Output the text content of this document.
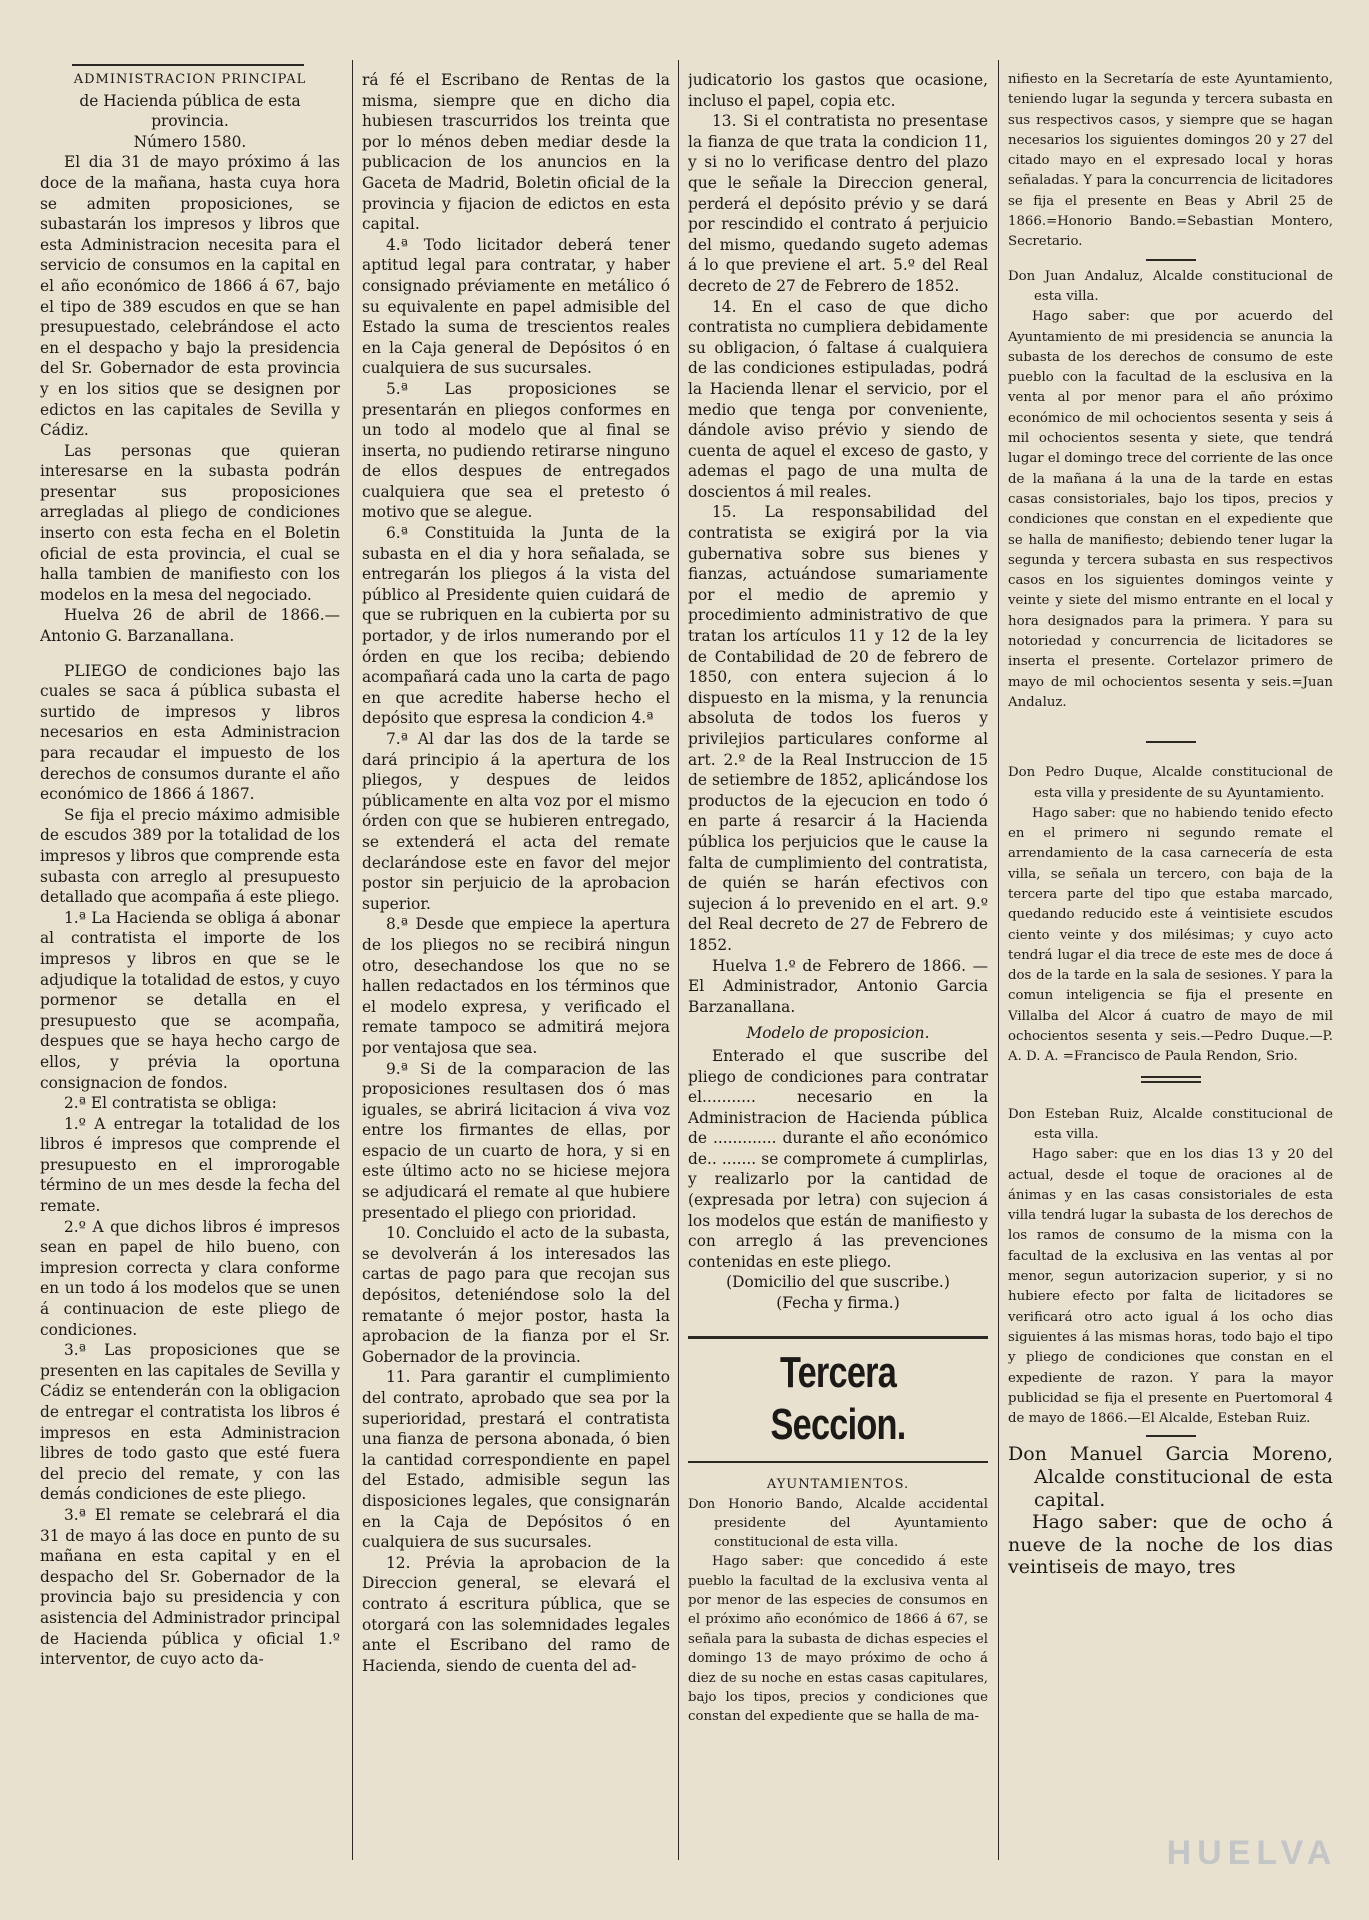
ADMINISTRACION PRINCIPAL

de Hacienda pública de esta provincia.

Número 1580.

El dia 31 de mayo próximo á las doce de la mañana, hasta cuya hora se admiten proposiciones, se subastarán los impresos y libros que esta Administracion necesita para el servicio de consumos en la capital en el año económico de 1866 á 67, bajo el tipo de 389 escudos en que se han presupuestado, celebrándose el acto en el despacho y bajo la presidencia del Sr. Gobernador de esta provincia y en los sitios que se designen por edictos en las capitales de Sevilla y Cádiz.

Las personas que quieran interesarse en la subasta podrán presentar sus proposiciones arregladas al pliego de condiciones inserto con esta fecha en el Boletin oficial de esta provincia, el cual se halla tambien de manifiesto con los modelos en la mesa del negociado.

Huelva 26 de abril de 1866.— Antonio G. Barzanallana.

PLIEGO de condiciones bajo las cuales se saca á pública subasta el surtido de impresos y libros necesarios en esta Administracion para recaudar el impuesto de los derechos de consumos durante el año económico de 1866 á 1867.

Se fija el precio máximo admisible de escudos 389 por la totalidad de los impresos y libros que comprende esta subasta con arreglo al presupuesto detallado que acompaña á este pliego.

1.ª La Hacienda se obliga á abonar al contratista el importe de los impresos y libros en que se le adjudique la totalidad de estos, y cuyo pormenor se detalla en el presupuesto que se acompaña, despues que se haya hecho cargo de ellos, y prévia la oportuna consignacion de fondos.

2.ª El contratista se obliga:

1.º A entregar la totalidad de los libros é impresos que comprende el presupuesto en el improrogable término de un mes desde la fecha del remate.

2.º A que dichos libros é impresos sean en papel de hilo bueno, con impresion correcta y clara conforme en un todo á los modelos que se unen á continuacion de este pliego de condiciones.

3.ª Las proposiciones que se presenten en las capitales de Sevilla y Cádiz se entenderán con la obligacion de entregar el contratista los libros é impresos en esta Administracion libres de todo gasto que esté fuera del precio del remate, y con las demás condiciones de este pliego.

3.ª El remate se celebrará el dia 31 de mayo á las doce en punto de su mañana en esta capital y en el despacho del Sr. Gobernador de la provincia bajo su presidencia y con asistencia del Administrador principal de Hacienda pública y oficial 1.º interventor, de cuyo acto da-

rá fé el Escribano de Rentas de la misma, siempre que en dicho dia hubiesen trascurridos los treinta que por lo ménos deben mediar desde la publicacion de los anuncios en la Gaceta de Madrid, Boletin oficial de la provincia y fijacion de edictos en esta capital.

4.ª Todo licitador deberá tener aptitud legal para contratar, y haber consignado préviamente en metálico ó su equivalente en papel admisible del Estado la suma de trescientos reales en la Caja general de Depósitos ó en cualquiera de sus sucursales.

5.ª Las proposiciones se presentarán en pliegos conformes en un todo al modelo que al final se inserta, no pudiendo retirarse ninguno de ellos despues de entregados cualquiera que sea el pretesto ó motivo que se alegue.

6.ª Constituida la Junta de la subasta en el dia y hora señalada, se entregarán los pliegos á la vista del público al Presidente quien cuidará de que se rubriquen en la cubierta por su portador, y de irlos numerando por el órden en que los reciba; debiendo acompañará cada uno la carta de pago en que acredite haberse hecho el depósito que espresa la condicion 4.ª

7.ª Al dar las dos de la tarde se dará principio á la apertura de los pliegos, y despues de leidos públicamente en alta voz por el mismo órden con que se hubieren entregado, se extenderá el acta del remate declarándose este en favor del mejor postor sin perjuicio de la aprobacion superior.

8.ª Desde que empiece la apertura de los pliegos no se recibirá ningun otro, desechandose los que no se hallen redactados en los términos que el modelo expresa, y verificado el remate tampoco se admitirá mejora por ventajosa que sea.

9.ª Si de la comparacion de las proposiciones resultasen dos ó mas iguales, se abrirá licitacion á viva voz entre los firmantes de ellas, por espacio de un cuarto de hora, y si en este último acto no se hiciese mejora se adjudicará el remate al que hubiere presentado el pliego con prioridad.

10. Concluido el acto de la subasta, se devolverán á los interesados las cartas de pago para que recojan sus depósitos, deteniéndose solo la del rematante ó mejor postor, hasta la aprobacion de la fianza por el Sr. Gobernador de la provincia.

11. Para garantir el cumplimiento del contrato, aprobado que sea por la superioridad, prestará el contratista una fianza de persona abonada, ó bien la cantidad correspondiente en papel del Estado, admisible segun las disposiciones legales, que consignarán en la Caja de Depósitos ó en cualquiera de sus sucursales.

12. Prévia la aprobacion de la Direccion general, se elevará el contrato á escritura pública, que se otorgará con las solemnidades legales ante el Escribano del ramo de Hacienda, siendo de cuenta del ad-

judicatorio los gastos que ocasione, incluso el papel, copia etc.

13. Si el contratista no presentase la fianza de que trata la condicion 11, y si no lo verificase dentro del plazo que le señale la Direccion general, perderá el depósito prévio y se dará por rescindido el contrato á perjuicio del mismo, quedando sugeto ademas á lo que previene el art. 5.º del Real decreto de 27 de Febrero de 1852.

14. En el caso de que dicho contratista no cumpliera debidamente su obligacion, ó faltase á cualquiera de las condiciones estipuladas, podrá la Hacienda llenar el servicio, por el medio que tenga por conveniente, dándole aviso prévio y siendo de cuenta de aquel el exceso de gasto, y ademas el pago de una multa de doscientos á mil reales.

15. La responsabilidad del contratista se exigirá por la via gubernativa sobre sus bienes y fianzas, actuándose sumariamente por el medio de apremio y procedimiento administrativo de que tratan los artículos 11 y 12 de la ley de Contabilidad de 20 de febrero de 1850, con entera sujecion á lo dispuesto en la misma, y la renuncia absoluta de todos los fueros y privilejios particulares conforme al art. 2.º de la Real Instruccion de 15 de setiembre de 1852, aplicándose los productos de la ejecucion en todo ó en parte á resarcir á la Hacienda pública los perjuicios que le cause la falta de cumplimiento del contratista, de quién se harán efectivos con sujecion á lo prevenido en el art. 9.º del Real decreto de 27 de Febrero de 1852.

Huelva 1.º de Febrero de 1866. —El Administrador, Antonio Garcia Barzanallana.

Modelo de proposicion.

Enterado el que suscribe del pliego de condiciones para contratar el........... necesario en la Administracion de Hacienda pública de ............. durante el año económico de.. ....... se compromete á cumplirlas, y realizarlo por la cantidad de (expresada por letra) con sujecion á los modelos que están de manifiesto y con arreglo á las prevenciones contenidas en este pliego.

(Domicilio del que suscribe.)

(Fecha y firma.)

Tercera Seccion.

AYUNTAMIENTOS.

Don Honorio Bando, Alcalde accidental presidente del Ayuntamiento constitucional de esta villa.

Hago saber: que concedido á este pueblo la facultad de la exclusiva venta al por menor de las especies de consumos en el próximo año económico de 1866 á 67, se señala para la subasta de dichas especies el domingo 13 de mayo próximo de ocho á diez de su noche en estas casas capitulares, bajo los tipos, precios y condiciones que constan del expediente que se halla de ma-

nifiesto en la Secretaría de este Ayuntamiento, teniendo lugar la segunda y tercera subasta en sus respectivos casos, y siempre que se hagan necesarios los siguientes domingos 20 y 27 del citado mayo en el expresado local y horas señaladas. Y para la concurrencia de licitadores se fija el presente en Beas y Abril 25 de 1866.=Honorio Bando.=Sebastian Montero, Secretario.

Don Juan Andaluz, Alcalde constitucional de esta villa.

Hago saber: que por acuerdo del Ayuntamiento de mi presidencia se anuncia la subasta de los derechos de consumo de este pueblo con la facultad de la esclusiva en la venta al por menor para el año próximo económico de mil ochocientos sesenta y seis á mil ochocientos sesenta y siete, que tendrá lugar el domingo trece del corriente de las once de la mañana á la una de la tarde en estas casas consistoriales, bajo los tipos, precios y condiciones que constan en el expediente que se halla de manifiesto; debiendo tener lugar la segunda y tercera subasta en sus respectivos casos en los siguientes domingos veinte y veinte y siete del mismo entrante en el local y hora designados para la primera. Y para su notoriedad y concurrencia de licitadores se inserta el presente. Cortelazor primero de mayo de mil ochocientos sesenta y seis.=Juan Andaluz.

Don Pedro Duque, Alcalde constitucional de esta villa y presidente de su Ayuntamiento.

Hago saber: que no habiendo tenido efecto en el primero ni segundo remate el arrendamiento de la casa carnecería de esta villa, se señala un tercero, con baja de la tercera parte del tipo que estaba marcado, quedando reducido este á veintisiete escudos ciento veinte y dos milésimas; y cuyo acto tendrá lugar el dia trece de este mes de doce á dos de la tarde en la sala de sesiones. Y para la comun inteligencia se fija el presente en Villalba del Alcor á cuatro de mayo de mil ochocientos sesenta y seis.—Pedro Duque.—P. A. D. A. =Francisco de Paula Rendon, Srio.

Don Esteban Ruiz, Alcalde constitucional de esta villa.

Hago saber: que en los dias 13 y 20 del actual, desde el toque de oraciones al de ánimas y en las casas consistoriales de esta villa tendrá lugar la subasta de los derechos de los ramos de consumo de la misma con la facultad de la exclusiva en las ventas al por menor, segun autorizacion superior, y si no hubiere efecto por falta de licitadores se verificará otro acto igual á los ocho dias siguientes á las mismas horas, todo bajo el tipo y pliego de condiciones que constan en el expediente de razon. Y para la mayor publicidad se fija el presente en Puertomoral 4 de mayo de 1866.—El Alcalde, Esteban Ruiz.

Don Manuel Garcia Moreno, Alcalde constitucional de esta capital.

Hago saber: que de ocho á nueve de la noche de los dias veintiseis de mayo, tres

HUELVA
